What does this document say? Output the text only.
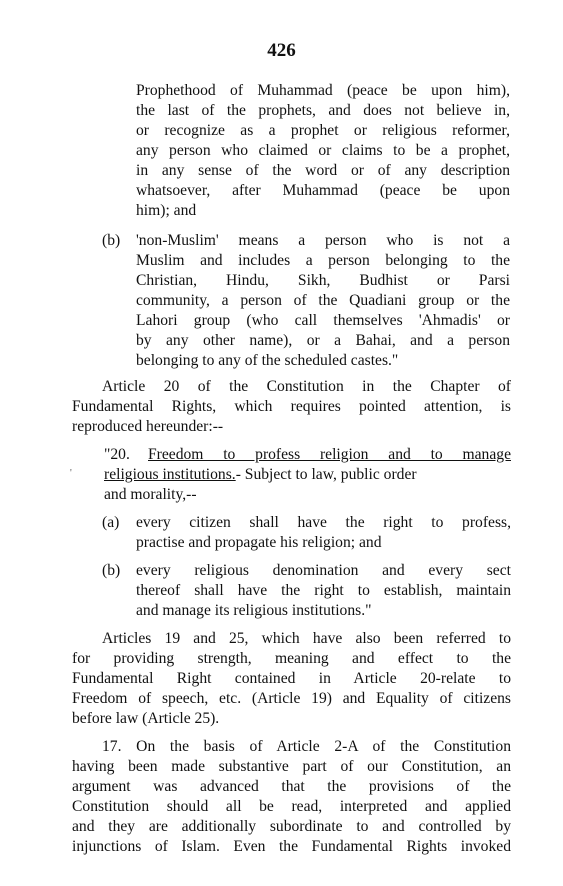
426
Prophethood of Muhammad (peace be upon him),
the last of the prophets, and does not believe in,
or recognize as a prophet or religious reformer,
any person who claimed or claims to be a prophet,
in any sense of the word or of any description
whatsoever, after Muhammad (peace be upon
him); and
(b) 'non-Muslim' means a person who is not a
Muslim and includes a person belonging to the
Christian, Hindu, Sikh, Budhist or Parsi
community, a person of the Quadiani group or the
Lahori group (who call themselves 'Ahmadis' or
by any other name), or a Bahai, and a person
belonging to any of the scheduled castes."
Article 20 of the Constitution in the Chapter of
Fundamental Rights, which requires pointed attention, is
reproduced hereunder:--
"20. Freedom to profess religion and to manage
religious institutions.- Subject to law, public order
and morality,--
'
(a) every citizen shall have the right to profess,
practise and propagate his religion; and
(b) every religious denomination and every sect
thereof shall have the right to establish, maintain
and manage its religious institutions."
Articles 19 and 25, which have also been referred to
for providing strength, meaning and effect to the
Fundamental Right contained in Article 20-relate to
Freedom of speech, etc. (Article 19) and Equality of citizens
before law (Article 25).
17. On the basis of Article 2-A of the Constitution
having been made substantive part of our Constitution, an
argument was advanced that the provisions of the
Constitution should all be read, interpreted and applied
and they are additionally subordinate to and controlled by
injunctions of Islam. Even the Fundamental Rights invoked
